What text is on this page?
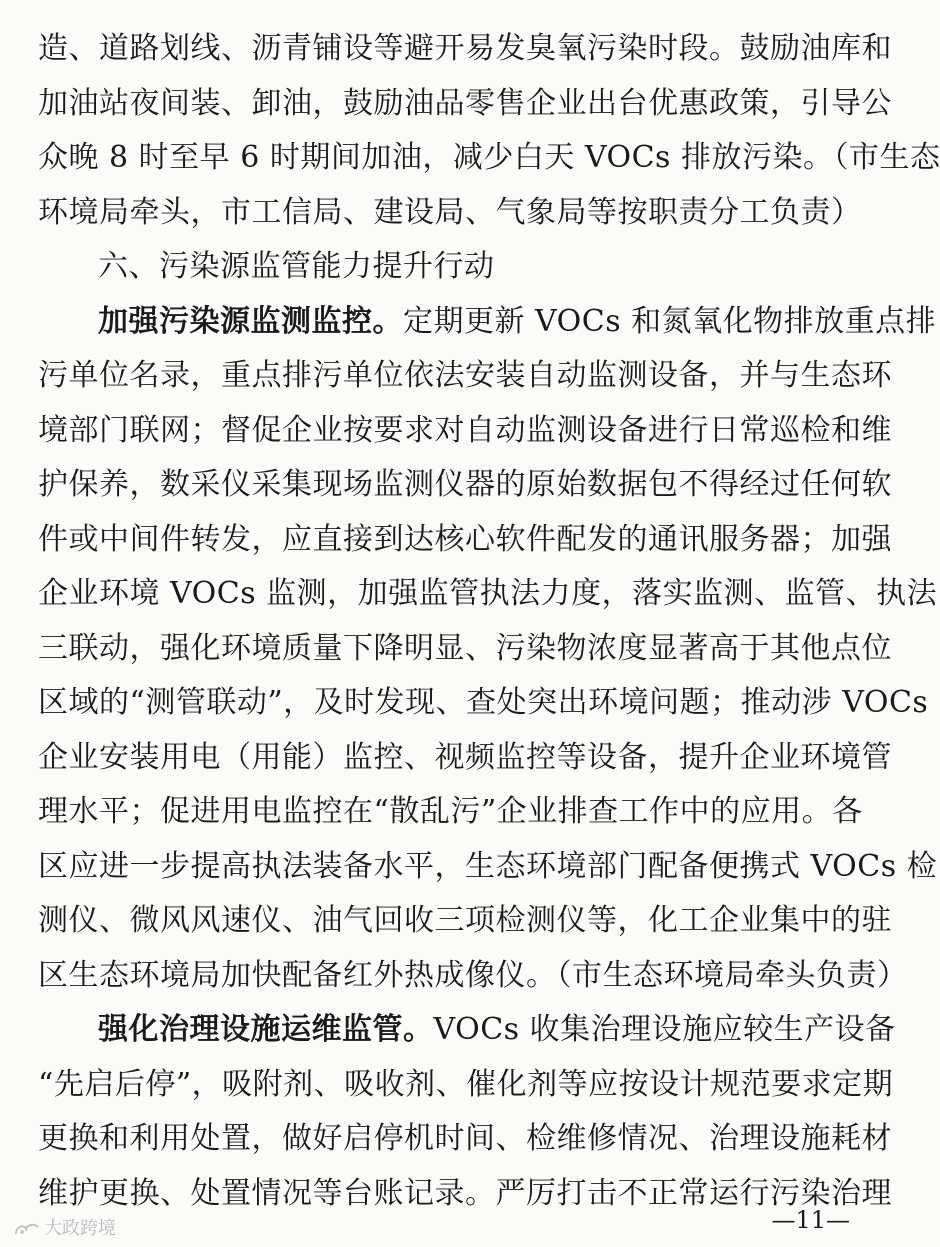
造、道路划线、沥青铺设等避开易发臭氧污染时段。鼓励油库和
加油站夜间装、卸油，鼓励油品零售企业出台优惠政策，引导公
众晚 8 时至早 6 时期间加油，减少白天 VOCs 排放污染。（市生态
环境局牵头，市工信局、建设局、气象局等按职责分工负责）
六、污染源监管能力提升行动
加强污染源监测监控。定期更新 VOCs 和氮氧化物排放重点排
污单位名录，重点排污单位依法安装自动监测设备，并与生态环
境部门联网；督促企业按要求对自动监测设备进行日常巡检和维
护保养，数采仪采集现场监测仪器的原始数据包不得经过任何软
件或中间件转发，应直接到达核心软件配发的通讯服务器；加强
企业环境 VOCs 监测，加强监管执法力度，落实监测、监管、执法
三联动，强化环境质量下降明显、污染物浓度显著高于其他点位
区域的“测管联动”，及时发现、查处突出环境问题；推动涉 VOCs
企业安装用电（用能）监控、视频监控等设备，提升企业环境管
理水平；促进用电监控在“散乱污”企业排查工作中的应用。各
区应进一步提高执法装备水平，生态环境部门配备便携式 VOCs 检
测仪、微风风速仪、油气回收三项检测仪等，化工企业集中的驻
区生态环境局加快配备红外热成像仪。（市生态环境局牵头负责）
强化治理设施运维监管。VOCs 收集治理设施应较生产设备
“先启后停”，吸附剂、吸收剂、催化剂等应按设计规范要求定期
更换和利用处置，做好启停机时间、检维修情况、治理设施耗材
维护更换、处置情况等台账记录。严厉打击不正常运行污染治理
大政跨境	—11—
